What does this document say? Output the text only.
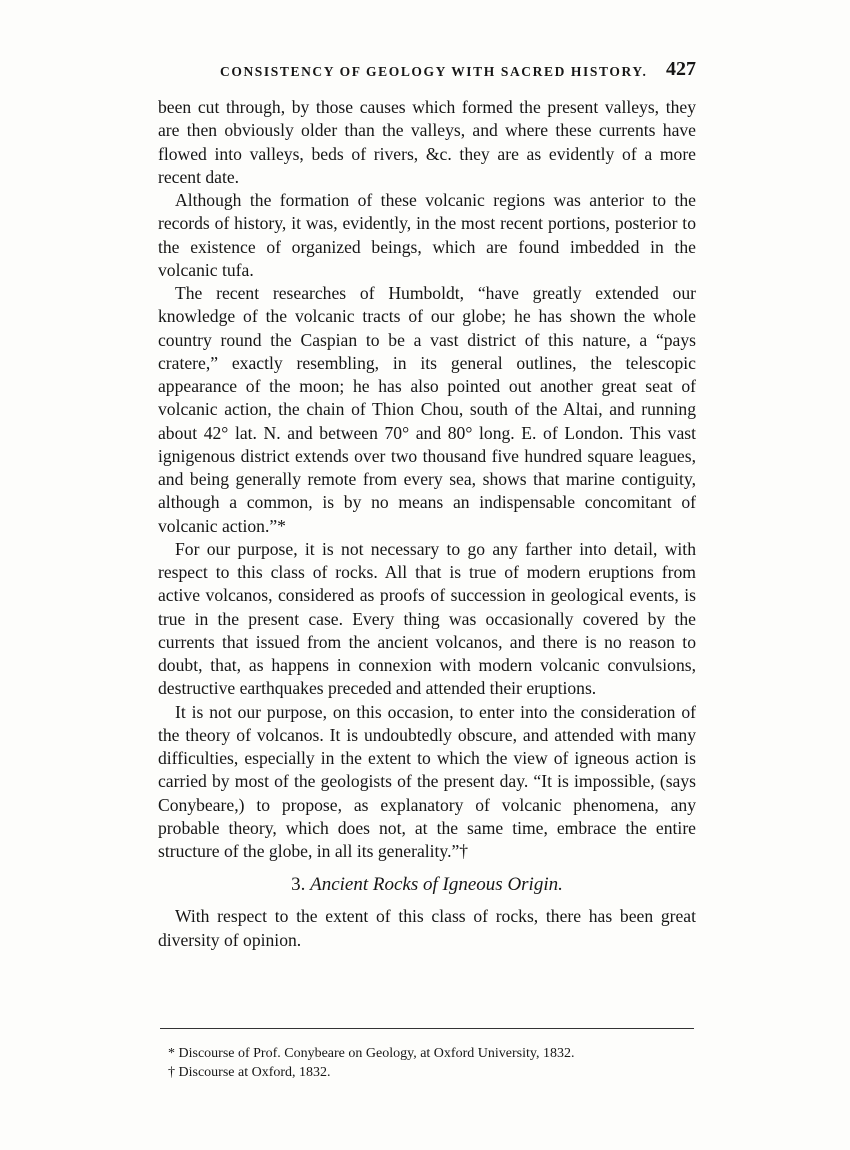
CONSISTENCY OF GEOLOGY WITH SACRED HISTORY. 427

been cut through, by those causes which formed the present valleys, they are then obviously older than the valleys, and where these currents have flowed into valleys, beds of rivers, &c. they are as evidently of a more recent date.

Although the formation of these volcanic regions was anterior to the records of history, it was, evidently, in the most recent portions, posterior to the existence of organized beings, which are found imbedded in the volcanic tufa.

The recent researches of Humboldt, “have greatly extended our knowledge of the volcanic tracts of our globe; he has shown the whole country round the Caspian to be a vast district of this nature, a “pays cratere,” exactly resembling, in its general outlines, the telescopic appearance of the moon; he has also pointed out another great seat of volcanic action, the chain of Thion Chou, south of the Altai, and running about 42° lat. N. and between 70° and 80° long. E. of London. This vast ignigenous district extends over two thousand five hundred square leagues, and being generally remote from every sea, shows that marine contiguity, although a common, is by no means an indispensable concomitant of volcanic action.”*

For our purpose, it is not necessary to go any farther into detail, with respect to this class of rocks. All that is true of modern eruptions from active volcanos, considered as proofs of succession in geological events, is true in the present case. Every thing was occasionally covered by the currents that issued from the ancient volcanos, and there is no reason to doubt, that, as happens in connexion with modern volcanic convulsions, destructive earthquakes preceded and attended their eruptions.

It is not our purpose, on this occasion, to enter into the consideration of the theory of volcanos. It is undoubtedly obscure, and attended with many difficulties, especially in the extent to which the view of igneous action is carried by most of the geologists of the present day. “It is impossible, (says Conybeare,) to propose, as explanatory of volcanic phenomena, any probable theory, which does not, at the same time, embrace the entire structure of the globe, in all its generality.”†

3. Ancient Rocks of Igneous Origin.

With respect to the extent of this class of rocks, there has been great diversity of opinion.

* Discourse of Prof. Conybeare on Geology, at Oxford University, 1832.

† Discourse at Oxford, 1832.
